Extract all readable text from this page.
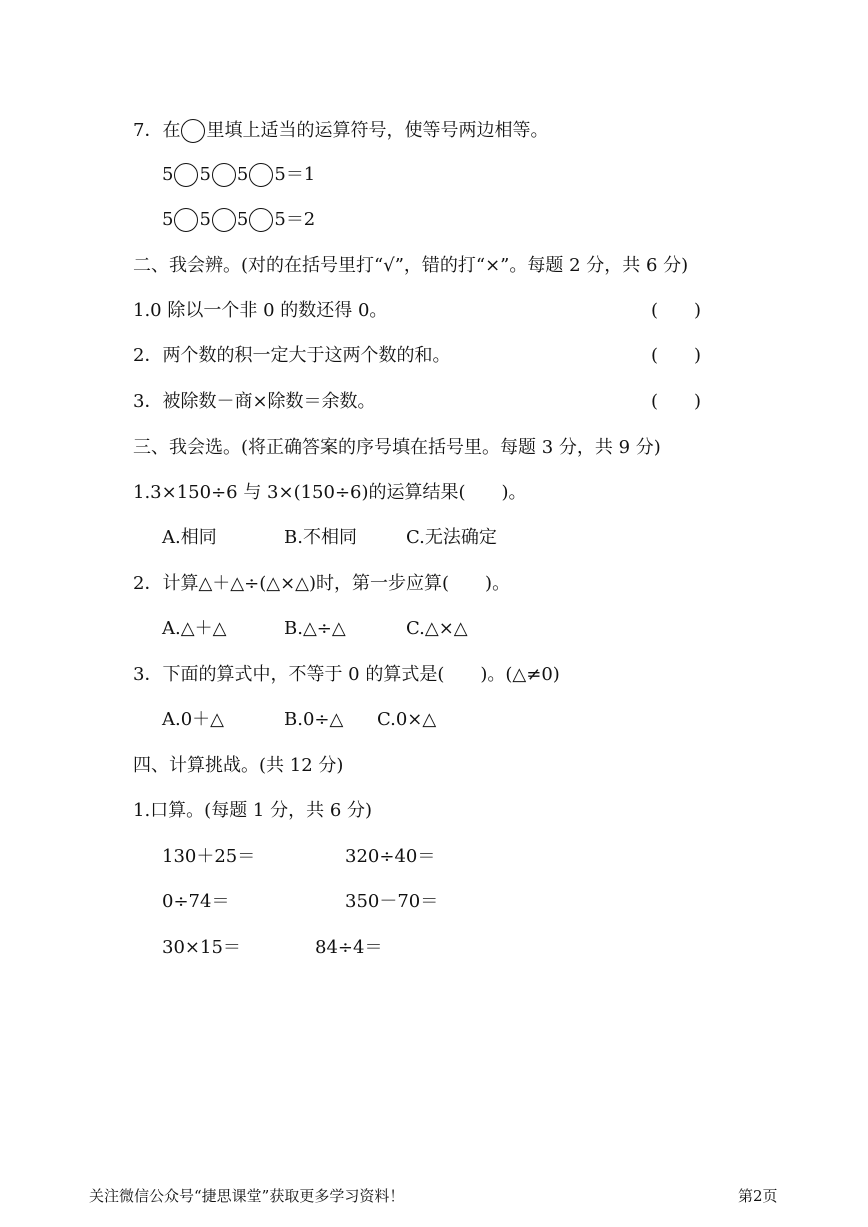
7．在 里填上适当的运算符号，使等号两边相等。
5 5 5 5 ＝1
5 5 5 5 ＝2
二、我会辨。(对的在括号里打“√”，错的打“×”。每题 2 分，共 6 分)
1.0 除以一个非 0 的数还得 0。	(　　)
2．两个数的积一定大于这两个数的和。	(　　)
3．被除数－商×除数＝余数。	(　　)
三、我会选。(将正确答案的序号填在括号里。每题 3 分，共 9 分)
1.3×150÷6 与 3×(150÷6)的运算结果(　　)。
A.相同	B.不相同	C.无法确定
2．计算△＋△÷(△×△)时，第一步应算(　　)。
A.△＋△	B.△÷△	C.△×△
3．下面的算式中，不等于 0 的算式是(　　)。(△≠0)
A.0＋△	B.0÷△ C.0×△
四、计算挑战。(共 12 分)
1.口算。(每题 1 分，共 6 分)
130＋25＝	320÷40＝
0÷74＝	350－70＝
30×15＝	84÷4＝
关注微信公众号“捷思课堂”获取更多学习资料！	第2页
